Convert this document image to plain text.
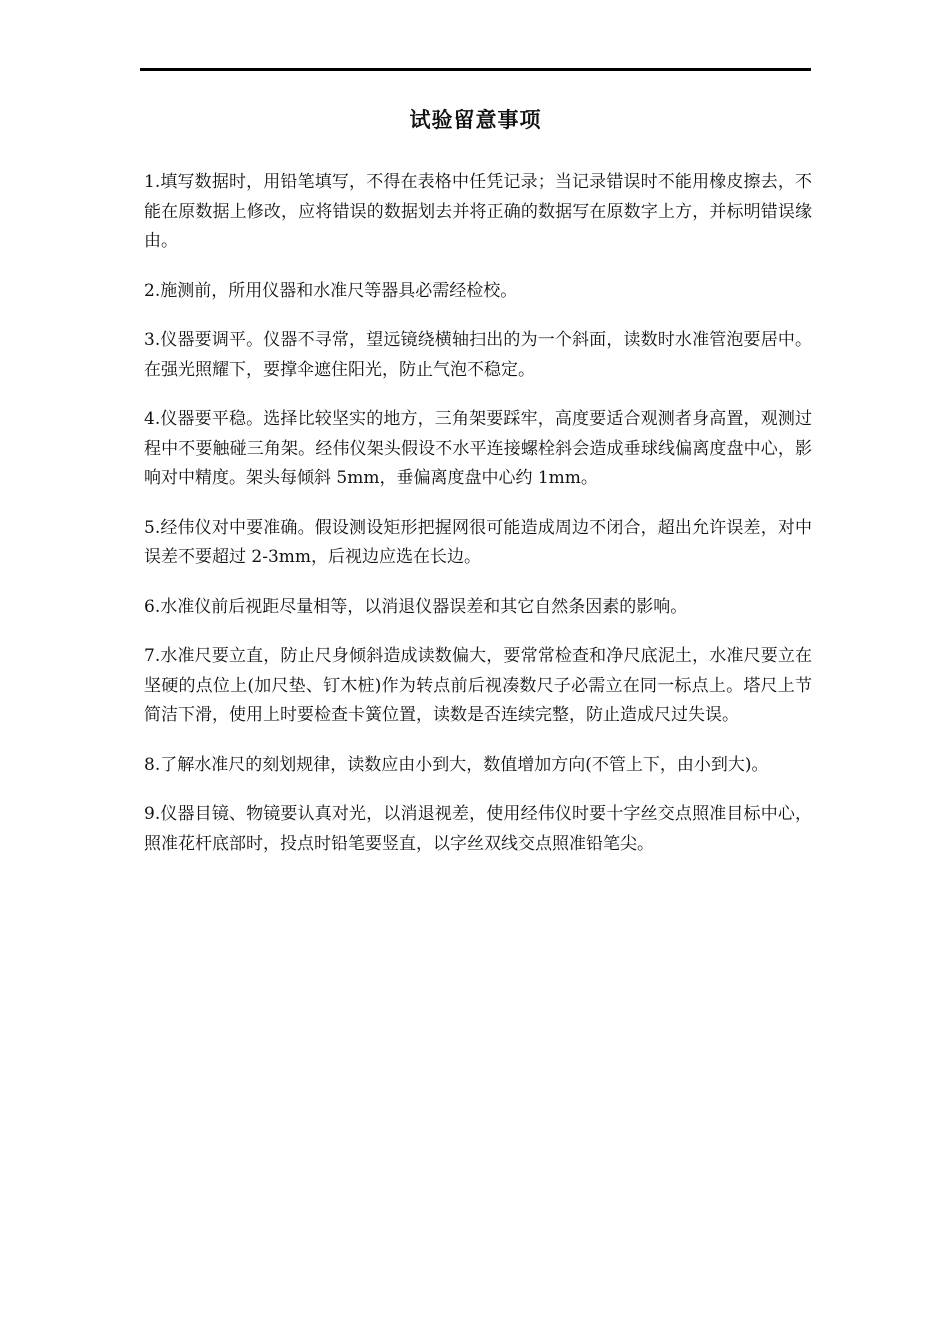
试验留意事项

1.填写数据时，用铅笔填写，不得在表格中任凭记录；当记录错误时不能用橡皮擦去，不能在原数据上修改，应将错误的数据划去并将正确的数据写在原数字上方，并标明错误缘由。

2.施测前，所用仪器和水准尺等器具必需经检校。

3.仪器要调平。仪器不寻常，望远镜绕横轴扫出的为一个斜面，读数时水准管泡要居中。在强光照耀下，要撑伞遮住阳光，防止气泡不稳定。

4.仪器要平稳。选择比较坚实的地方，三角架要踩牢，高度要适合观测者身高置，观测过程中不要触碰三角架。经伟仪架头假设不水平连接螺栓斜会造成垂球线偏离度盘中心，影响对中精度。架头每倾斜 5mm，垂偏离度盘中心约 1mm。

5.经伟仪对中要准确。假设测设矩形把握网很可能造成周边不闭合，超出允许误差，对中误差不要超过 2-3mm，后视边应选在长边。

6.水准仪前后视距尽量相等，以消退仪器误差和其它自然条因素的影响。

7.水准尺要立直，防止尺身倾斜造成读数偏大，要常常检查和净尺底泥土，水准尺要立在坚硬的点位上(加尺垫、钉木桩)作为转点前后视凑数尺子必需立在同一标点上。塔尺上节简洁下滑，使用上时要检查卡簧位置，读数是否连续完整，防止造成尺过失误。

8.了解水准尺的刻划规律，读数应由小到大，数值增加方向(不管上下，由小到大)。

9.仪器目镜、物镜要认真对光，以消退视差，使用经伟仪时要十字丝交点照准目标中心，照准花杆底部时，投点时铅笔要竖直，以字丝双线交点照准铅笔尖。
